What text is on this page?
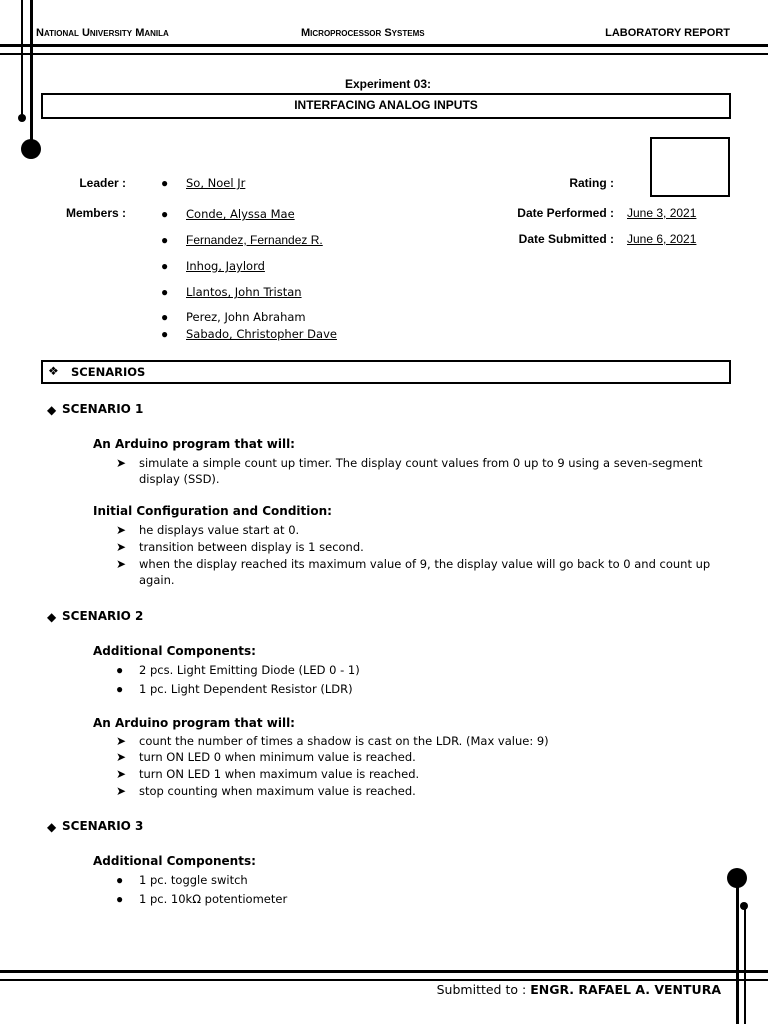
National University Manila	Microprocessor Systems	LABORATORY REPORT
Experiment 03:
INTERFACING ANALOG INPUTS
Leader :	● So, Noel Jr
Members :	● Conde, Alyssa Mae
● Fernandez, Fernandez R.
● Inhog, Jaylord
● Llantos, John Tristan
● Perez, John Abraham
● Sabado, Christopher Dave
Rating :
Date Performed : June 3, 2021
Date Submitted : June 6, 2021
❖ SCENARIOS
◆ SCENARIO 1
An Arduino program that will:
➤ simulate a simple count up timer. The display count values from 0 up to 9 using a seven-segment display (SSD).
Initial Configuration and Condition:
➤ he displays value start at 0.
➤ transition between display is 1 second.
➤ when the display reached its maximum value of 9, the display value will go back to 0 and count up again.
◆ SCENARIO 2
Additional Components:
● 2 pcs. Light Emitting Diode (LED 0 - 1)
● 1 pc. Light Dependent Resistor (LDR)
An Arduino program that will:
➤ count the number of times a shadow is cast on the LDR. (Max value: 9)
➤ turn ON LED 0 when minimum value is reached.
➤ turn ON LED 1 when maximum value is reached.
➤ stop counting when maximum value is reached.
◆ SCENARIO 3
Additional Components:
● 1 pc. toggle switch
● 1 pc. 10kΩ potentiometer
Submitted to : ENGR. RAFAEL A. VENTURA
